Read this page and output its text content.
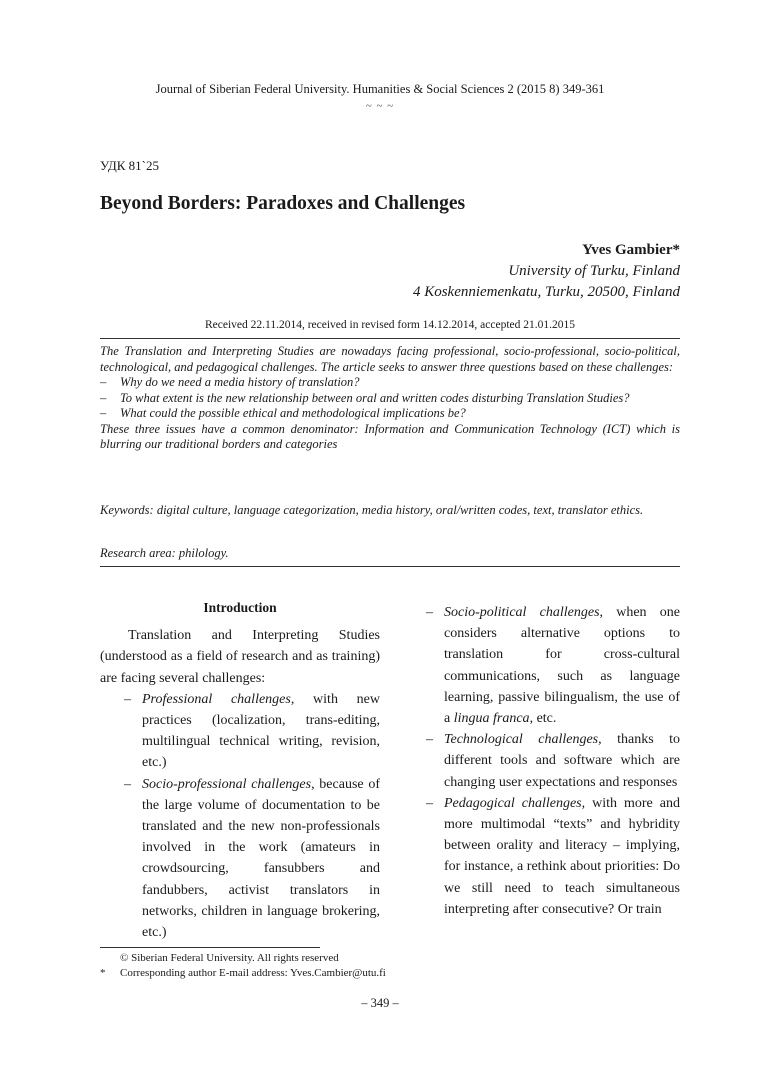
Journal of Siberian Federal University. Humanities & Social Sciences 2 (2015 8) 349-361
~ ~ ~
УДК 81`25
Beyond Borders: Paradoxes and Challenges
Yves Gambier*
University of Turku, Finland
4 Koskenniemenkatu, Turku, 20500, Finland
Received 22.11.2014, received in revised form 14.12.2014, accepted 21.01.2015

The Translation and Interpreting Studies are nowadays facing professional, socio-professional, socio-political, technological, and pedagogical challenges. The article seeks to answer three questions based on these challenges:

– Why do we need a media history of translation?

– To what extent is the new relationship between oral and written codes disturbing Translation Studies?

– What could the possible ethical and methodological implications be?

These three issues have a common denominator: Information and Communication Technology (ICT) which is blurring our traditional borders and categories

Keywords: digital culture, language categorization, media history, oral/written codes, text, translator ethics.
Research area: philology.

Introduction

Translation and Interpreting Studies (understood as a field of research and as training) are facing several challenges:

– Professional challenges, with new practices (localization, trans-editing, multilingual technical writing, revision, etc.)

– Socio-professional challenges, because of the large volume of documentation to be translated and the new non-professionals involved in the work (amateurs in crowdsourcing, fansubbers and fandubbers, activist translators in networks, children in language brokering, etc.)

– Socio-political challenges, when one considers alternative options to translation for cross-cultural communications, such as language learning, passive bilingualism, the use of a lingua franca, etc.

– Technological challenges, thanks to different tools and software which are changing user expectations and responses

– Pedagogical challenges, with more and more multimodal “texts” and hybridity between orality and literacy – implying, for instance, a rethink about priorities: Do we still need to teach simultaneous interpreting after consecutive? Or train

© Siberian Federal University. All rights reserved
* Corresponding author E-mail address: Yves.Cambier@utu.fi
– 349 –
